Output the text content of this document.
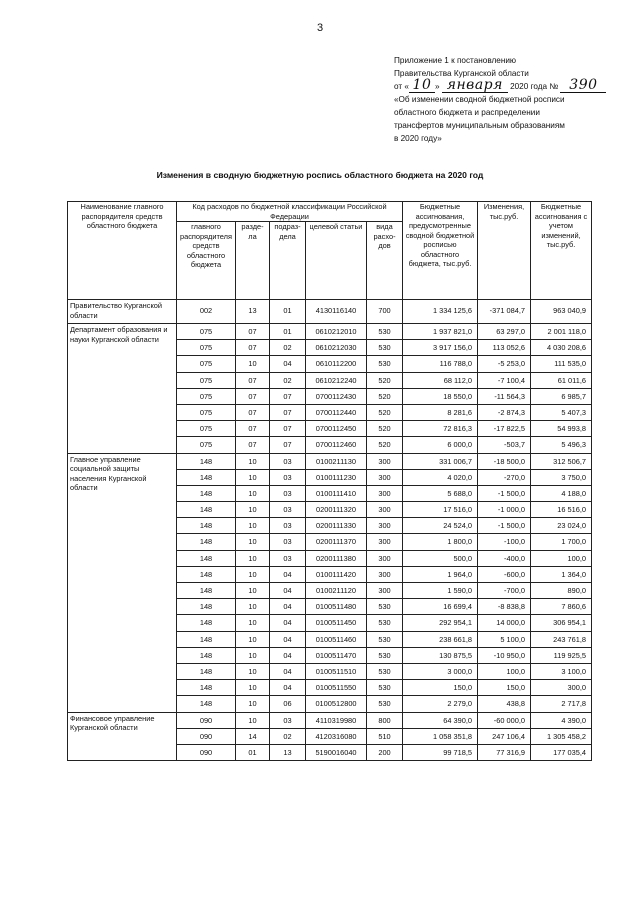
3
Приложение 1 к постановлению
Правительства Курганской области
от « 10 » января 2020 года № 390
«Об изменении сводной бюджетной росписи
областного бюджета и распределении
трансфертов муниципальным образованиям
в 2020 году»
Изменения в сводную бюджетную роспись областного бюджета на 2020 год
Наименование главного распорядителя средств областного бюджета	Код расходов по бюджетной классификации Российской Федерации					Бюджетные ассигнования, предусмотренные сводной бюджетной росписью областного бюджета, тыс.руб.	Изменения, тыс.руб.	Бюджетные ассигнования с учетом изменений, тыс.руб.
	главного распорядителя средств областного бюджета	разде-ла	подраз-дела	целевой статьи	вида расхо-дов			
Правительство Курганской области	002	13	01	4130116140	700	1 334 125,6	-371 084,7	963 040,9
Департамент образования и науки Курганской области	075	07	01	0610212010	530	1 937 821,0	63 297,0	2 001 118,0
	075	07	02	0610212030	530	3 917 156,0	113 052,6	4 030 208,6
	075	10	04	0610112200	530	116 788,0	-5 253,0	111 535,0
	075	07	02	0610212240	520	68 112,0	-7 100,4	61 011,6
	075	07	07	0700112430	520	18 550,0	-11 564,3	6 985,7
	075	07	07	0700112440	520	8 281,6	-2 874,3	5 407,3
	075	07	07	0700112450	520	72 816,3	-17 822,5	54 993,8
	075	07	07	0700112460	520	6 000,0	-503,7	5 496,3
Главное управление социальной защиты населения Курганской области	148	10	03	0100211130	300	331 006,7	-18 500,0	312 506,7
	148	10	03	0100111230	300	4 020,0	-270,0	3 750,0
	148	10	03	0100111410	300	5 688,0	-1 500,0	4 188,0
	148	10	03	0200111320	300	17 516,0	-1 000,0	16 516,0
	148	10	03	0200111330	300	24 524,0	-1 500,0	23 024,0
	148	10	03	0200111370	300	1 800,0	-100,0	1 700,0
	148	10	03	0200111380	300	500,0	-400,0	100,0
	148	10	04	0100111420	300	1 964,0	-600,0	1 364,0
	148	10	04	0100211120	300	1 590,0	-700,0	890,0
	148	10	04	0100511480	530	16 699,4	-8 838,8	7 860,6
	148	10	04	0100511450	530	292 954,1	14 000,0	306 954,1
	148	10	04	0100511460	530	238 661,8	5 100,0	243 761,8
	148	10	04	0100511470	530	130 875,5	-10 950,0	119 925,5
	148	10	04	0100511510	530	3 000,0	100,0	3 100,0
	148	10	04	0100511550	530	150,0	150,0	300,0
	148	10	06	0100512800	530	2 279,0	438,8	2 717,8
Финансовое управление Курганской области	090	10	03	4110319980	800	64 390,0	-60 000,0	4 390,0
	090	14	02	4120316080	510	1 058 351,8	247 106,4	1 305 458,2
	090	01	13	5190016040	200	99 718,5	77 316,9	177 035,4
